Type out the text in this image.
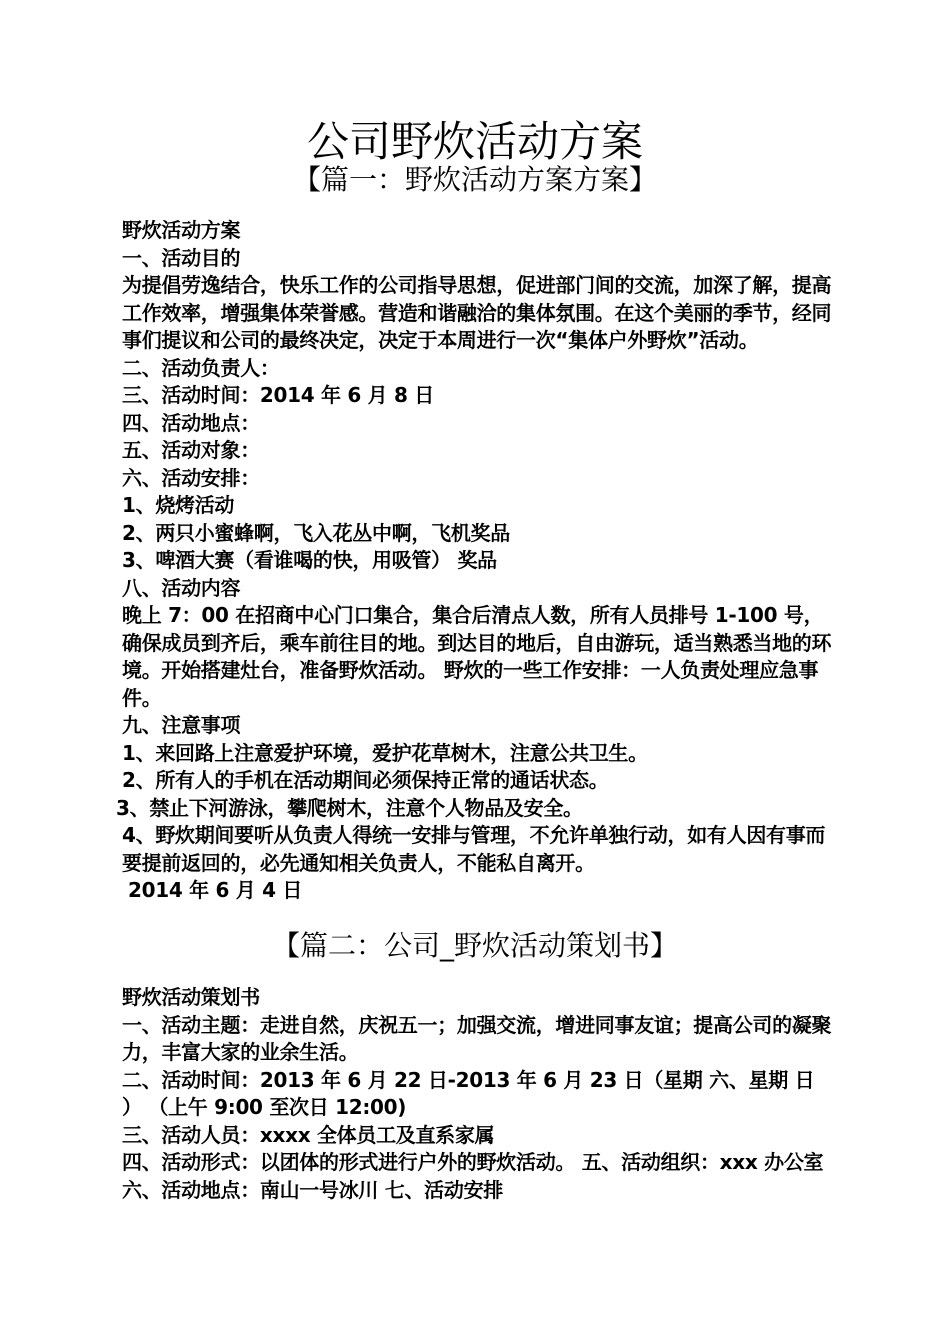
公司野炊活动方案
【篇一：野炊活动方案方案】

野炊活动方案

一、活动目的

为提倡劳逸结合，快乐工作的公司指导思想，促进部门间的交流，加深了解，提高工作效率，增强集体荣誉感。营造和谐融洽的集体氛围。在这个美丽的季节，经同事们提议和公司的最终决定，决定于本周进行一次“集体户外野炊”活动。

二、活动负责人：

三、活动时间：2014 年 6 月 8 日

四、活动地点：

五、活动对象：

六、活动安排：

1、烧烤活动

2、两只小蜜蜂啊，飞入花丛中啊，飞机奖品

3、啤酒大赛（看谁喝的快，用吸管） 奖品

八、活动内容

晚上 7：00 在招商中心门口集合，集合后清点人数，所有人员排号 1-100 号，确保成员到齐后，乘车前往目的地。到达目的地后，自由游玩，适当熟悉当地的环境。开始搭建灶台，准备野炊活动。 野炊的一些工作安排：一人负责处理应急事件。

九、注意事项

1、来回路上注意爱护环境，爱护花草树木，注意公共卫生。

2、所有人的手机在活动期间必须保持正常的通话状态。

3、禁止下河游泳，攀爬树木，注意个人物品及安全。

4、野炊期间要听从负责人得统一安排与管理，不允许单独行动，如有人因有事而要提前返回的，必先通知相关负责人，不能私自离开。

2014 年 6 月 4 日

【篇二：公司_野炊活动策划书】

野炊活动策划书

一、活动主题：走进自然，庆祝五一；加强交流，增进同事友谊；提高公司的凝聚力，丰富大家的业余生活。

二、活动时间：2013 年 6 月 22 日-2013 年 6 月 23 日（星期 六、星期 日 ） （上午 9:00 至次日 12:00)

三、活动人员：xxxx 全体员工及直系家属

四、活动形式：以团体的形式进行户外的野炊活动。 五、活动组织：xxx 办公室 六、活动地点：南山一号冰川 七、活动安排
